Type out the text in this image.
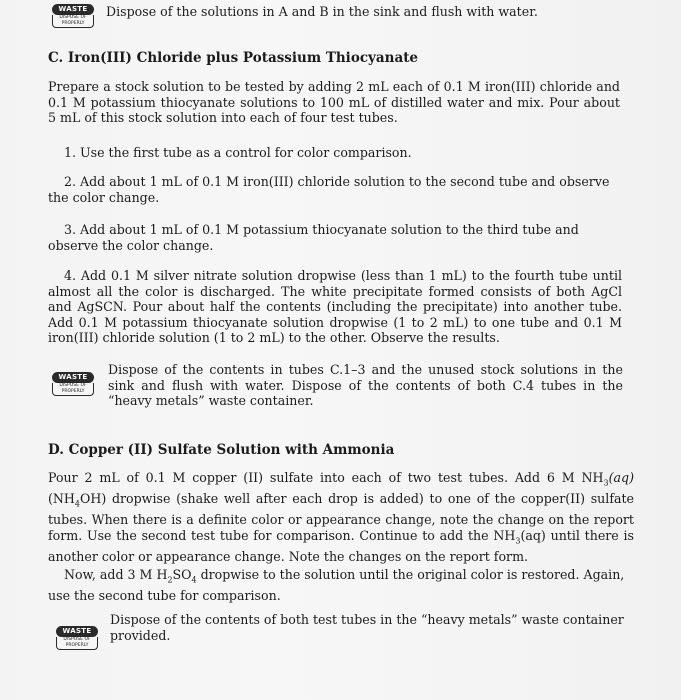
WASTE
DISPOSE OF PROPERLY

Dispose of the solutions in A and B in the sink and flush with water.

C. Iron(III) Chloride plus Potassium Thiocyanate

Prepare a stock solution to be tested by adding 2 mL each of 0.1 M iron(III) chloride and 0.1 M potassium thiocyanate solutions to 100 mL of distilled water and mix. Pour about 5 mL of this stock solution into each of four test tubes.

1. Use the first tube as a control for color comparison.

2. Add about 1 mL of 0.1 M iron(III) chloride solution to the second tube and observe the color change.

3. Add about 1 mL of 0.1 M potassium thiocyanate solution to the third tube and observe the color change.

4. Add 0.1 M silver nitrate solution dropwise (less than 1 mL) to the fourth tube until almost all the color is discharged. The white precipitate formed consists of both AgCl and AgSCN. Pour about half the contents (including the precipitate) into another tube. Add 0.1 M potassium thiocyanate solution dropwise (1 to 2 mL) to one tube and 0.1 M iron(III) chloride solution (1 to 2 mL) to the other. Observe the results.

WASTE
DISPOSE OF PROPERLY

Dispose of the contents in tubes C.1–3 and the unused stock solutions in the sink and flush with water. Dispose of the contents of both C.4 tubes in the “heavy metals” waste container.

D. Copper (II) Sulfate Solution with Ammonia

Pour 2 mL of 0.1 M copper (II) sulfate into each of two test tubes. Add 6 M $NH_3(aq)$ $(NH_4OH)$ dropwise (shake well after each drop is added) to one of the copper(II) sulfate tubes. When there is a definite color or appearance change, note the change on the report form. Use the second test tube for comparison. Continue to add the $NH_3(aq)$ until there is another color or appearance change. Note the changes on the report form.

Now, add 3 M $H_2SO_4$ dropwise to the solution until the original color is restored. Again, use the second tube for comparison.

WASTE
DISPOSE OF PROPERLY

Dispose of the contents of both test tubes in the “heavy metals” waste container provided.
